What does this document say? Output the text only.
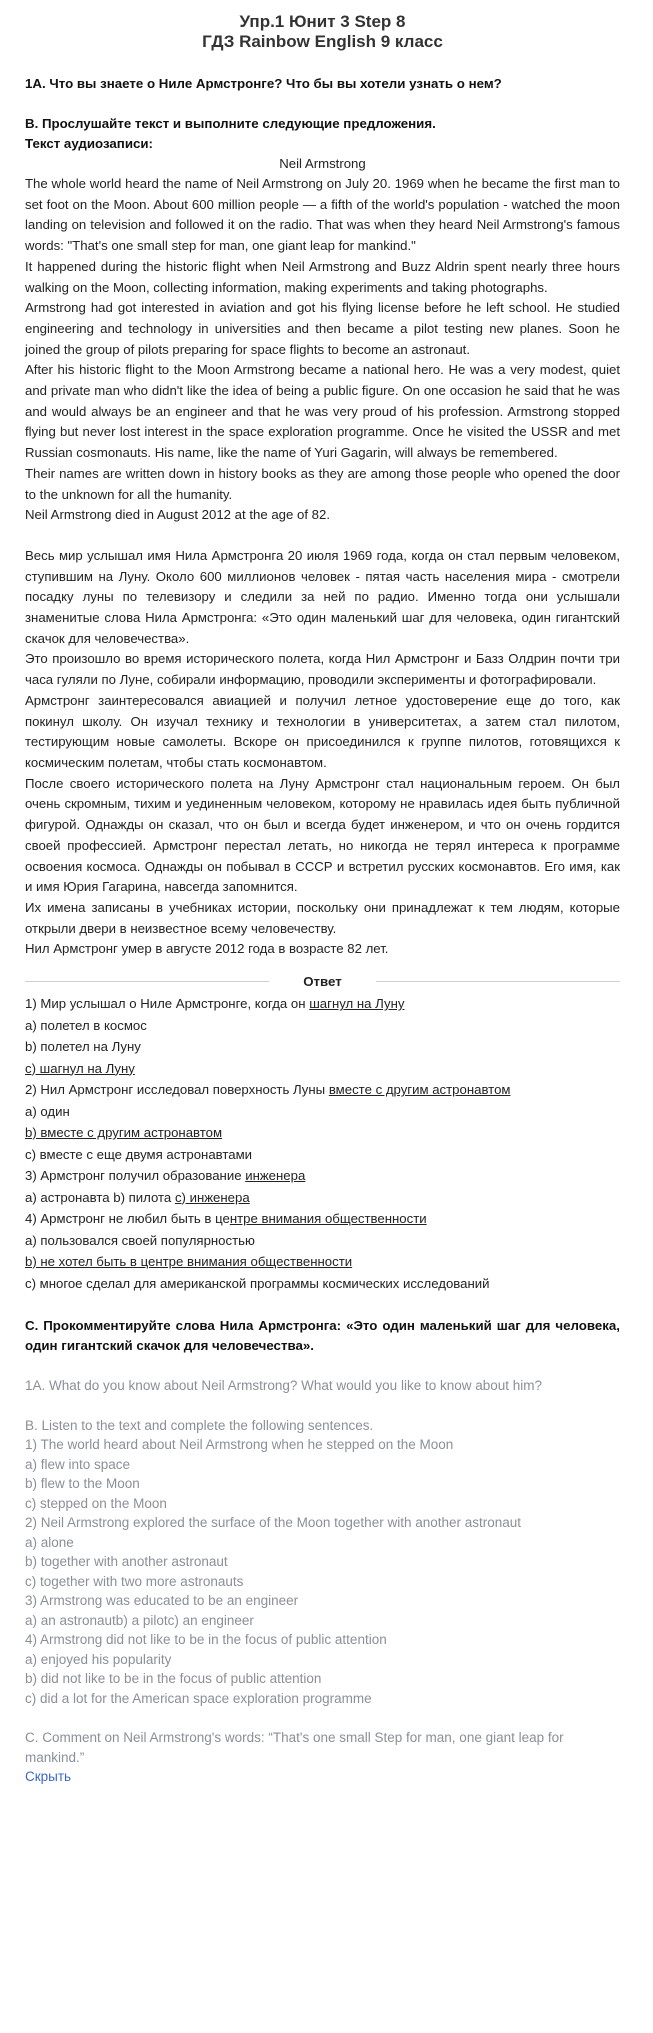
Упр.1 Юнит 3 Step 8
ГДЗ Rainbow English 9 класс
1A. Что вы знаете о Ниле Армстронге? Что бы вы хотели узнать о нем?
B. Прослушайте текст и выполните следующие предложения.
Текст аудиозаписи:
Neil Armstrong

The whole world heard the name of Neil Armstrong on July 20. 1969 when he became the first man to set foot on the Moon. About 600 million people — a fifth of the world's population - watched the moon landing on television and followed it on the radio. That was when they heard Neil Armstrong's famous words: "That's one small step for man, one giant leap for mankind."

It happened during the historic flight when Neil Armstrong and Buzz Aldrin spent nearly three hours walking on the Moon, collecting information, making experiments and taking photographs.

Armstrong had got interested in aviation and got his flying license before he left school. He studied engineering and technology in universities and then became a pilot testing new planes. Soon he joined the group of pilots preparing for space flights to become an astronaut.

After his historic flight to the Moon Armstrong became a national hero. He was a very modest, quiet and private man who didn't like the idea of being a public figure. On one occasion he said that he was and would always be an engineer and that he was very proud of his profession. Armstrong stopped flying but never lost interest in the space exploration programme. Once he visited the USSR and met Russian cosmonauts. His name, like the name of Yuri Gagarin, will always be remembered.

Their names are written down in history books as they are among those people who opened the door to the unknown for all the humanity.

Neil Armstrong died in August 2012 at the age of 82.

Весь мир услышал имя Нила Армстронга 20 июля 1969 года, когда он стал первым человеком, ступившим на Луну. Около 600 миллионов человек - пятая часть населения мира - смотрели посадку луны по телевизору и следили за ней по радио. Именно тогда они услышали знаменитые слова Нила Армстронга: «Это один маленький шаг для человека, один гигантский скачок для человечества».

Это произошло во время исторического полета, когда Нил Армстронг и Базз Олдрин почти три часа гуляли по Луне, собирали информацию, проводили эксперименты и фотографировали.

Армстронг заинтересовался авиацией и получил летное удостоверение еще до того, как покинул школу. Он изучал технику и технологии в университетах, а затем стал пилотом, тестирующим новые самолеты. Вскоре он присоединился к группе пилотов, готовящихся к космическим полетам, чтобы стать космонавтом.

После своего исторического полета на Луну Армстронг стал национальным героем. Он был очень скромным, тихим и уединенным человеком, которому не нравилась идея быть публичной фигурой. Однажды он сказал, что он был и всегда будет инженером, и что он очень гордится своей профессией. Армстронг перестал летать, но никогда не терял интереса к программе освоения космоса. Однажды он побывал в СССР и встретил русских космонавтов. Его имя, как и имя Юрия Гагарина, навсегда запомнится.

Их имена записаны в учебниках истории, поскольку они принадлежат к тем людям, которые открыли двери в неизвестное всему человечеству.

Нил Армстронг умер в августе 2012 года в возрасте 82 лет.

Ответ

1) Мир услышал о Ниле Армстронге, когда он шагнул на Луну

а) полетел в космос

b) полетел на Луну

c) шагнул на Луну

2) Нил Армстронг исследовал поверхность Луны вместе с другим астронавтом

а) один

b) вместе с другим астронавтом

c) вместе с еще двумя астронавтами

3) Армстронг получил образование инженера

а) астронавта b) пилота c) инженера

4) Армстронг не любил быть в центре внимания общественности

а) пользовался своей популярностью

b) не хотел быть в центре внимания общественности

c) многое сделал для американской программы космических исследований

C. Прокомментируйте слова Нила Армстронга: «Это один маленький шаг для человека, один гигантский скачок для человечества».

1A. What do you know about Neil Armstrong? What would you like to know about him?

B. Listen to the text and complete the following sentences.

1) The world heard about Neil Armstrong when he stepped on the Moon

a) flew into space

b) flew to the Moon

c) stepped on the Moon

2) Neil Armstrong explored the surface of the Moon together with another astronaut

a) alone

b) together with another astronaut

c) together with two more astronauts

3) Armstrong was educated to be an engineer

a) an astronautb) a pilotc) an engineer

4) Armstrong did not like to be in the focus of public attention

a) enjoyed his popularity

b) did not like to be in the focus of public attention

c) did a lot for the American space exploration programme

C. Comment on Neil Armstrong's words: “That's one small Step for man, one giant leap for mankind.”

Скрыть
